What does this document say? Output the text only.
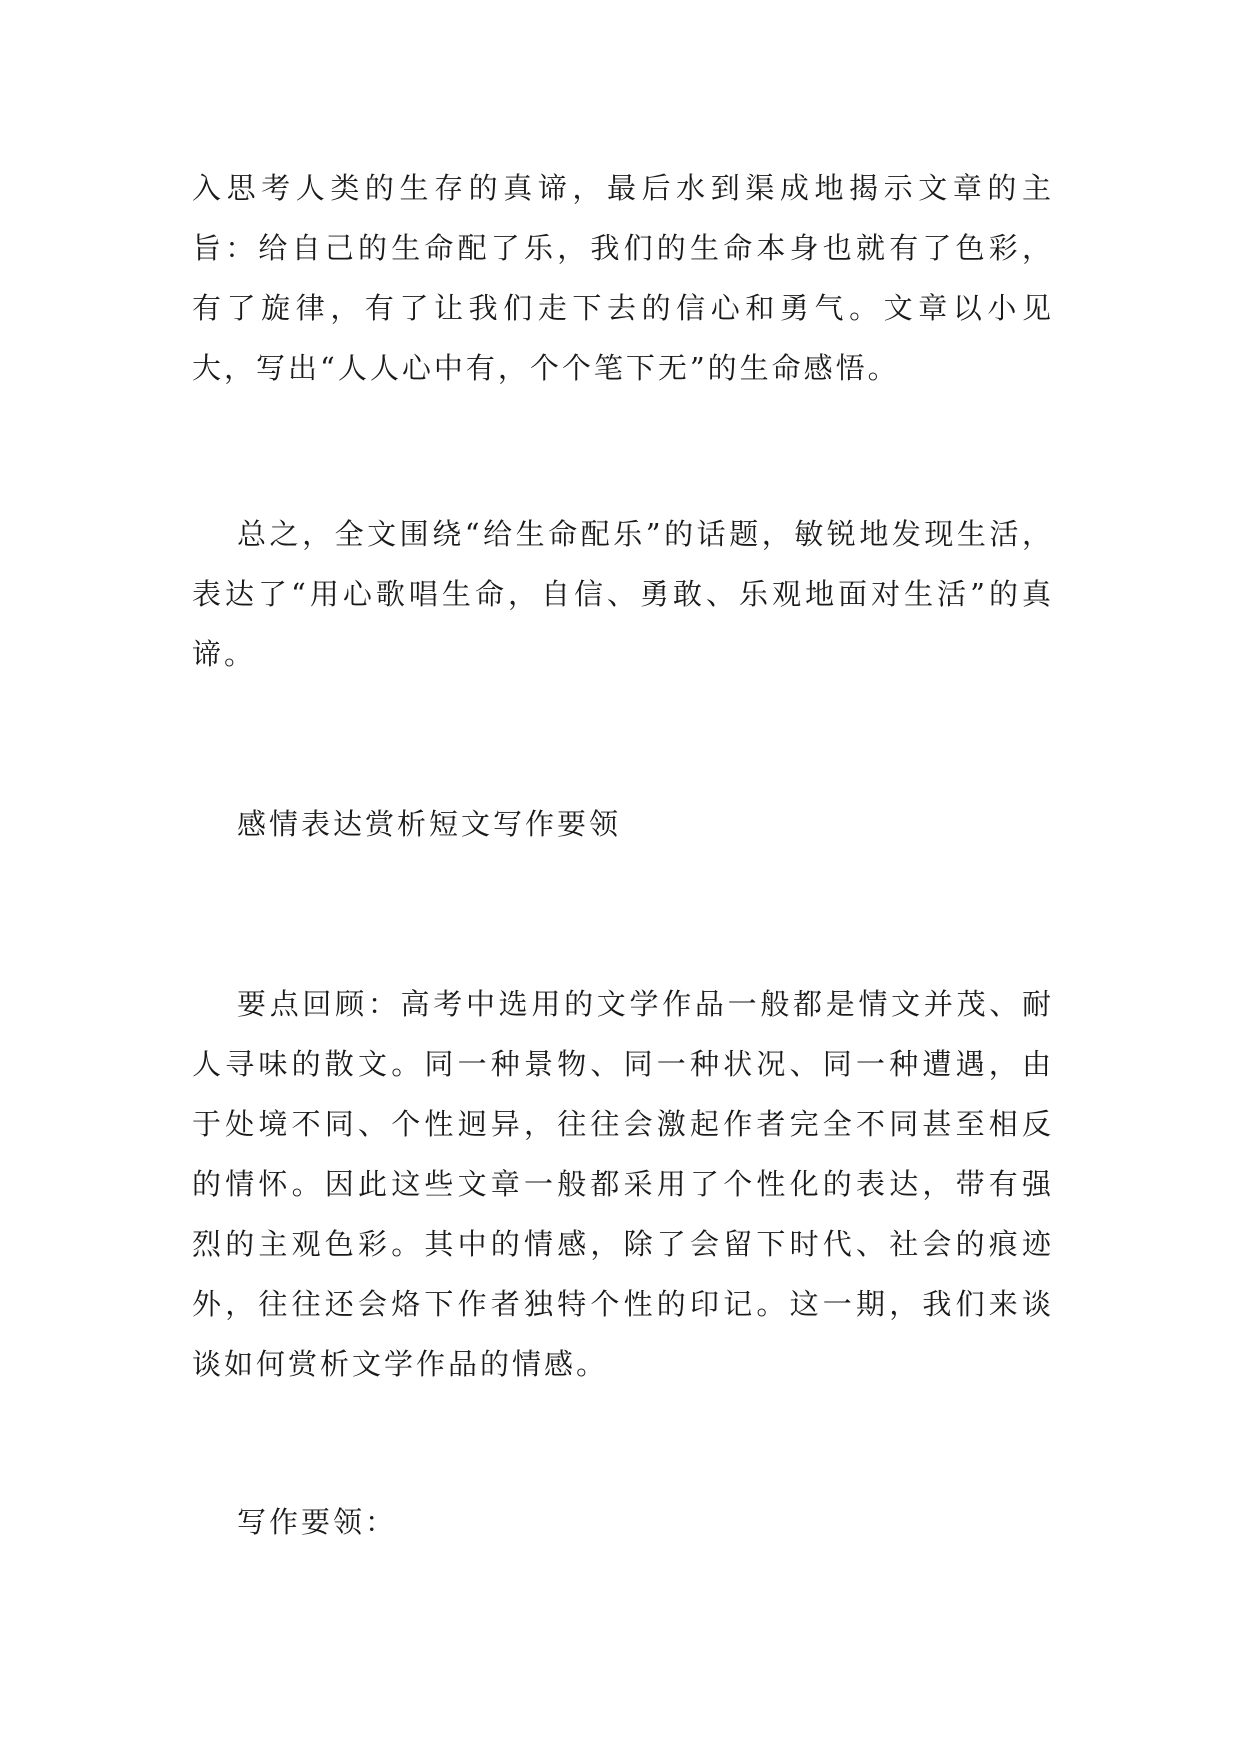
入思考人类的生存的真谛，最后水到渠成地揭示文章的主旨：给自己的生命配了乐，我们的生命本身也就有了色彩，有了旋律，有了让我们走下去的信心和勇气。文章以小见大，写出“人人心中有，个个笔下无”的生命感悟。

总之，全文围绕“给生命配乐”的话题，敏锐地发现生活，表达了“用心歌唱生命，自信、勇敢、乐观地面对生活”的真谛。

感情表达赏析短文写作要领

要点回顾：高考中选用的文学作品一般都是情文并茂、耐人寻味的散文。同一种景物、同一种状况、同一种遭遇，由于处境不同、个性迥异，往往会激起作者完全不同甚至相反的情怀。因此这些文章一般都采用了个性化的表达，带有强烈的主观色彩。其中的情感，除了会留下时代、社会的痕迹外，往往还会烙下作者独特个性的印记。这一期，我们来谈谈如何赏析文学作品的情感。

写作要领：
